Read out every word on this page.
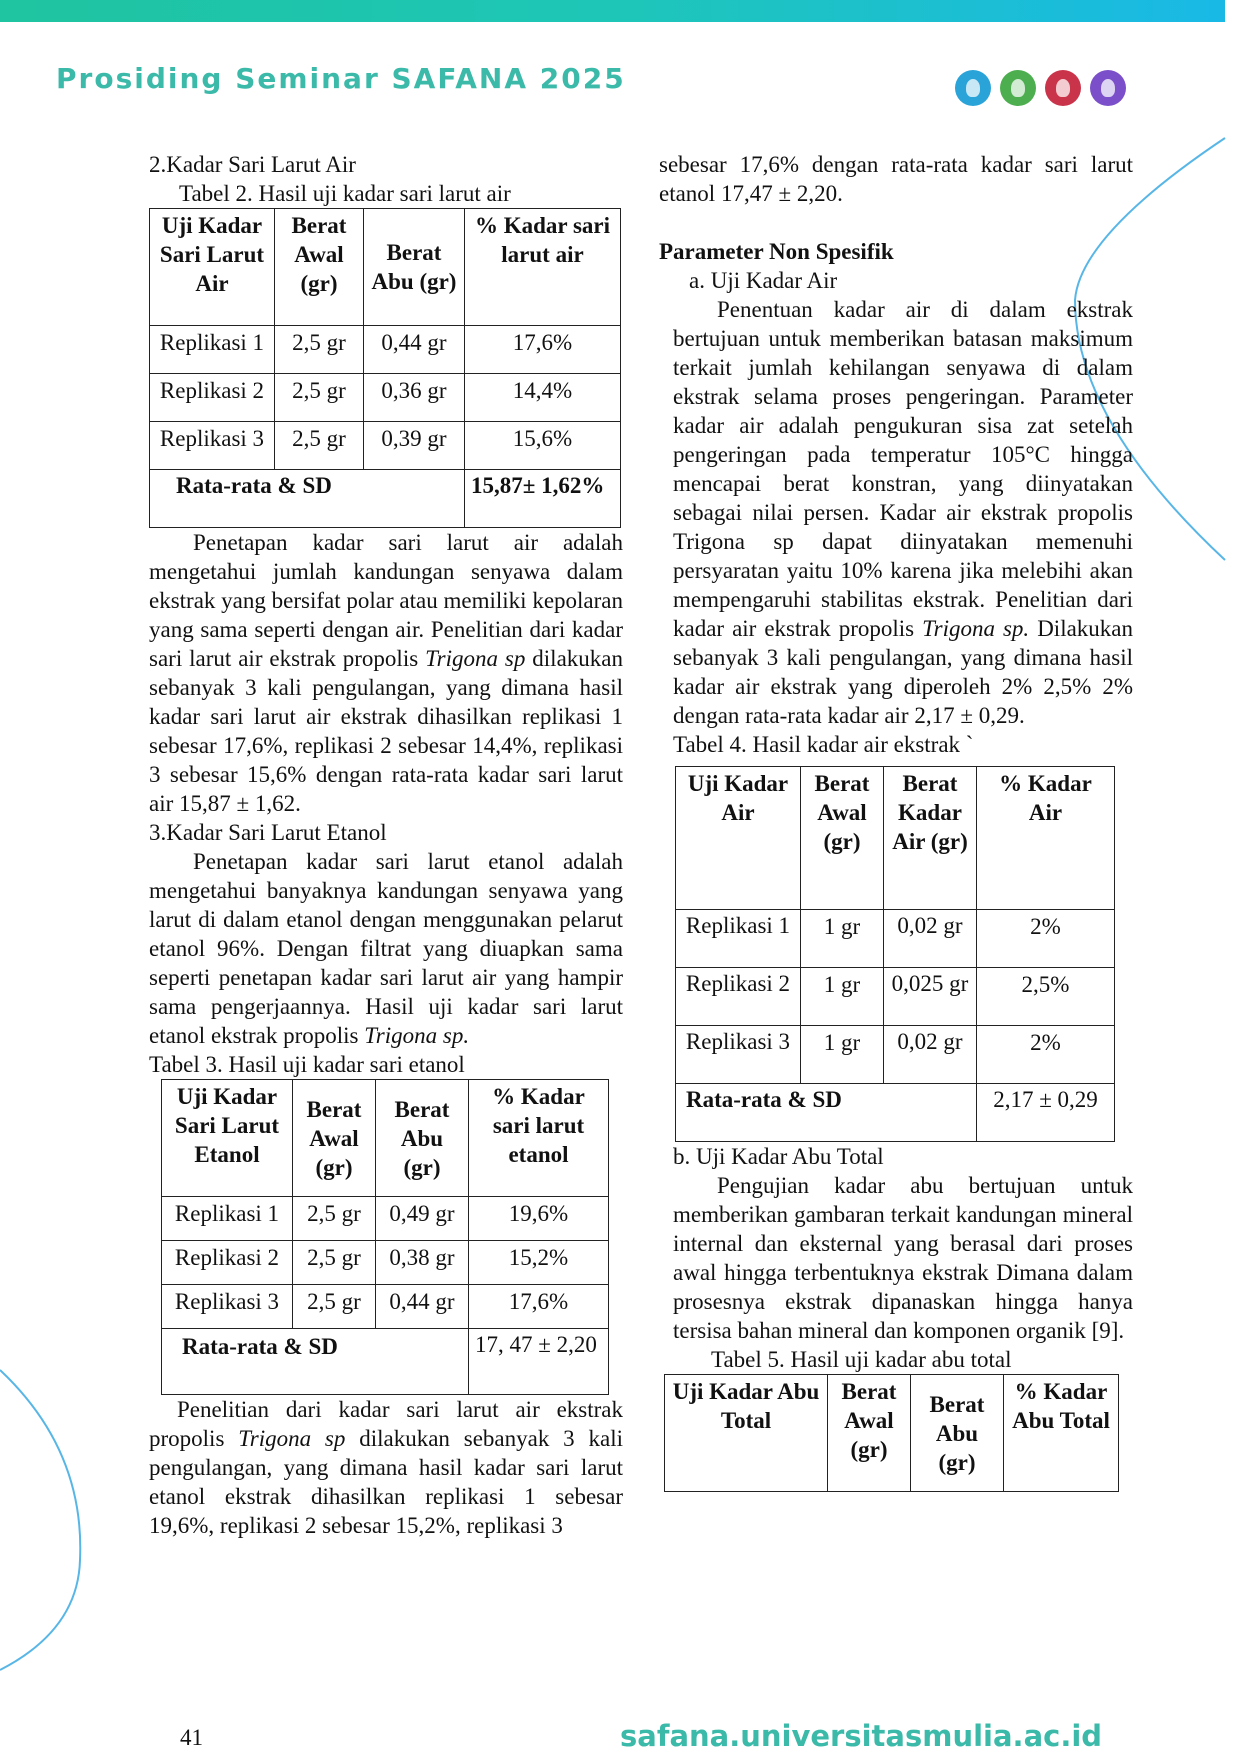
Prosiding Seminar SAFANA 2025
2.Kadar Sari Larut Air
Tabel 2. Hasil uji kadar sari larut air
Uji Kadar Sari Larut Air	Berat Awal (gr)	Berat Abu (gr)	% Kadar sari larut air
Replikasi 1	2,5 gr	0,44 gr	17,6%
Replikasi 2	2,5 gr	0,36 gr	14,4%
Replikasi 3	2,5 gr	0,39 gr	15,6%
Rata-rata & SD			15,87± 1,62%

Penetapan kadar sari larut air adalah mengetahui jumlah kandungan senyawa dalam ekstrak yang bersifat polar atau memiliki kepolaran yang sama seperti dengan air. Penelitian dari kadar sari larut air ekstrak propolis Trigona sp dilakukan sebanyak 3 kali pengulangan, yang dimana hasil kadar sari larut air ekstrak dihasilkan replikasi 1 sebesar 17,6%, replikasi 2 sebesar 14,4%, replikasi 3 sebesar 15,6% dengan rata-rata kadar sari larut air 15,87 ± 1,62.

3.Kadar Sari Larut Etanol

Penetapan kadar sari larut etanol adalah mengetahui banyaknya kandungan senyawa yang larut di dalam etanol dengan menggunakan pelarut etanol 96%. Dengan filtrat yang diuapkan sama seperti penetapan kadar sari larut air yang hampir sama pengerjaannya. Hasil uji kadar sari larut etanol ekstrak propolis Trigona sp.

Tabel 3. Hasil uji kadar sari etanol
Uji Kadar Sari Larut Etanol	Berat Awal (gr)	Berat Abu (gr)	% Kadar sari larut etanol
Replikasi 1	2,5 gr	0,49 gr	19,6%
Replikasi 2	2,5 gr	0,38 gr	15,2%
Replikasi 3	2,5 gr	0,44 gr	17,6%
Rata-rata & SD			17, 47 ± 2,20

Penelitian dari kadar sari larut air ekstrak propolis Trigona sp dilakukan sebanyak 3 kali pengulangan, yang dimana hasil kadar sari larut etanol ekstrak dihasilkan replikasi 1 sebesar 19,6%, replikasi 2 sebesar 15,2%, replikasi 3

sebesar 17,6% dengan rata-rata kadar sari larut etanol 17,47 ± 2,20.

Parameter Non Spesifik
a. Uji Kadar Air

Penentuan kadar air di dalam ekstrak bertujuan untuk memberikan batasan maksimum terkait jumlah kehilangan senyawa di dalam ekstrak selama proses pengeringan. Parameter kadar air adalah pengukuran sisa zat setelah pengeringan pada temperatur 105°C hingga mencapai berat konstran, yang diinyatakan sebagai nilai persen. Kadar air ekstrak propolis Trigona sp dapat diinyatakan memenuhi persyaratan yaitu 10% karena jika melebihi akan mempengaruhi stabilitas ekstrak. Penelitian dari kadar air ekstrak propolis Trigona sp. Dilakukan sebanyak 3 kali pengulangan, yang dimana hasil kadar air ekstrak yang diperoleh 2% 2,5% 2% dengan rata-rata kadar air 2,17 ± 0,29.

Tabel 4. Hasil kadar air ekstrak `
Uji Kadar Air	Berat Awal (gr)	Berat Kadar Air (gr)	% Kadar Air
Replikasi 1	1 gr	0,02 gr	2%
Replikasi 2	1 gr	0,025 gr	2,5%
Replikasi 3	1 gr	0,02 gr	2%
Rata-rata & SD			2,17 ± 0,29
b. Uji Kadar Abu Total

Pengujian kadar abu bertujuan untuk memberikan gambaran terkait kandungan mineral internal dan eksternal yang berasal dari proses awal hingga terbentuknya ekstrak Dimana dalam prosesnya ekstrak dipanaskan hingga hanya tersisa bahan mineral dan komponen organik [9].

Tabel 5. Hasil uji kadar abu total
Uji Kadar Abu Total	Berat Awal (gr)	Berat Abu (gr)	% Kadar Abu Total
41	safana.universitasmulia.ac.id
